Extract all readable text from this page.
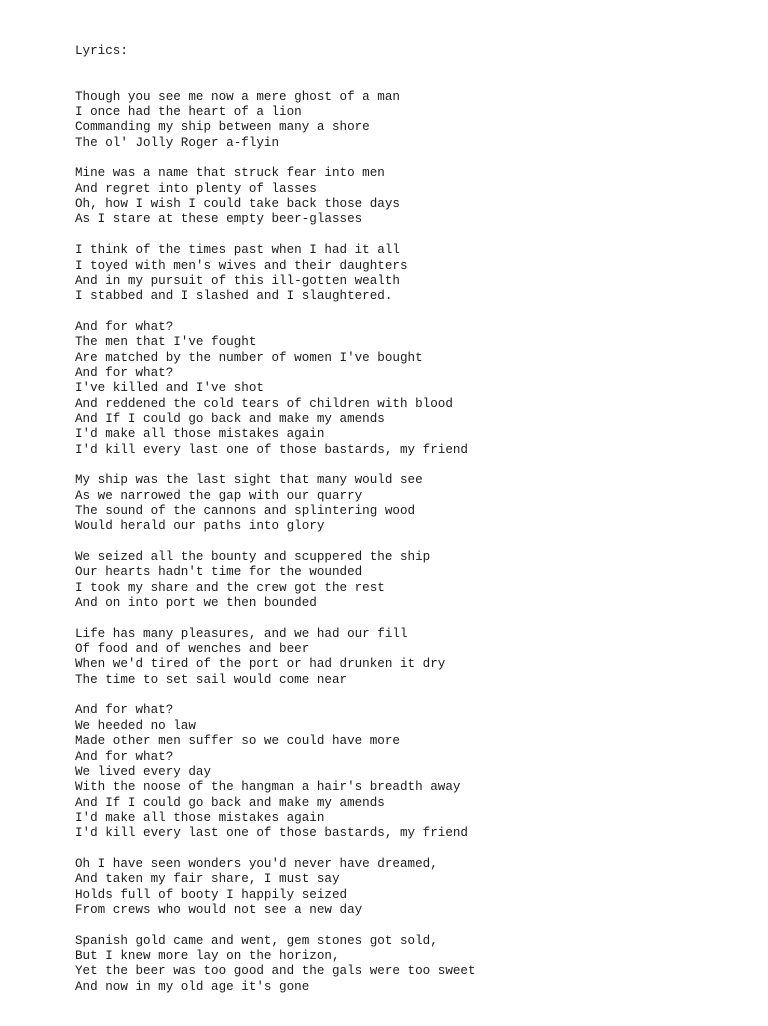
Lyrics:

Though you see me now a mere ghost of a man
I once had the heart of a lion
Commanding my ship between many a shore
The ol' Jolly Roger a-flyin
Mine was a name that struck fear into men
And regret into plenty of lasses
Oh, how I wish I could take back those days
As I stare at these empty beer-glasses
I think of the times past when I had it all
I toyed with men's wives and their daughters
And in my pursuit of this ill-gotten wealth
I stabbed and I slashed and I slaughtered.
And for what?
The men that I've fought
Are matched by the number of women I've bought
And for what?
I've killed and I've shot
And reddened the cold tears of children with blood
And If I could go back and make my amends
I'd make all those mistakes again
I'd kill every last one of those bastards, my friend
My ship was the last sight that many would see
As we narrowed the gap with our quarry
The sound of the cannons and splintering wood
Would herald our paths into glory
We seized all the bounty and scuppered the ship
Our hearts hadn't time for the wounded
I took my share and the crew got the rest
And on into port we then bounded
Life has many pleasures, and we had our fill
Of food and of wenches and beer
When we'd tired of the port or had drunken it dry
The time to set sail would come near
And for what?
We heeded no law
Made other men suffer so we could have more
And for what?
We lived every day
With the noose of the hangman a hair's breadth away
And If I could go back and make my amends
I'd make all those mistakes again
I'd kill every last one of those bastards, my friend
Oh I have seen wonders you'd never have dreamed,
And taken my fair share, I must say
Holds full of booty I happily seized
From crews who would not see a new day
Spanish gold came and went, gem stones got sold,
But I knew more lay on the horizon,
Yet the beer was too good and the gals were too sweet
And now in my old age it's gone
